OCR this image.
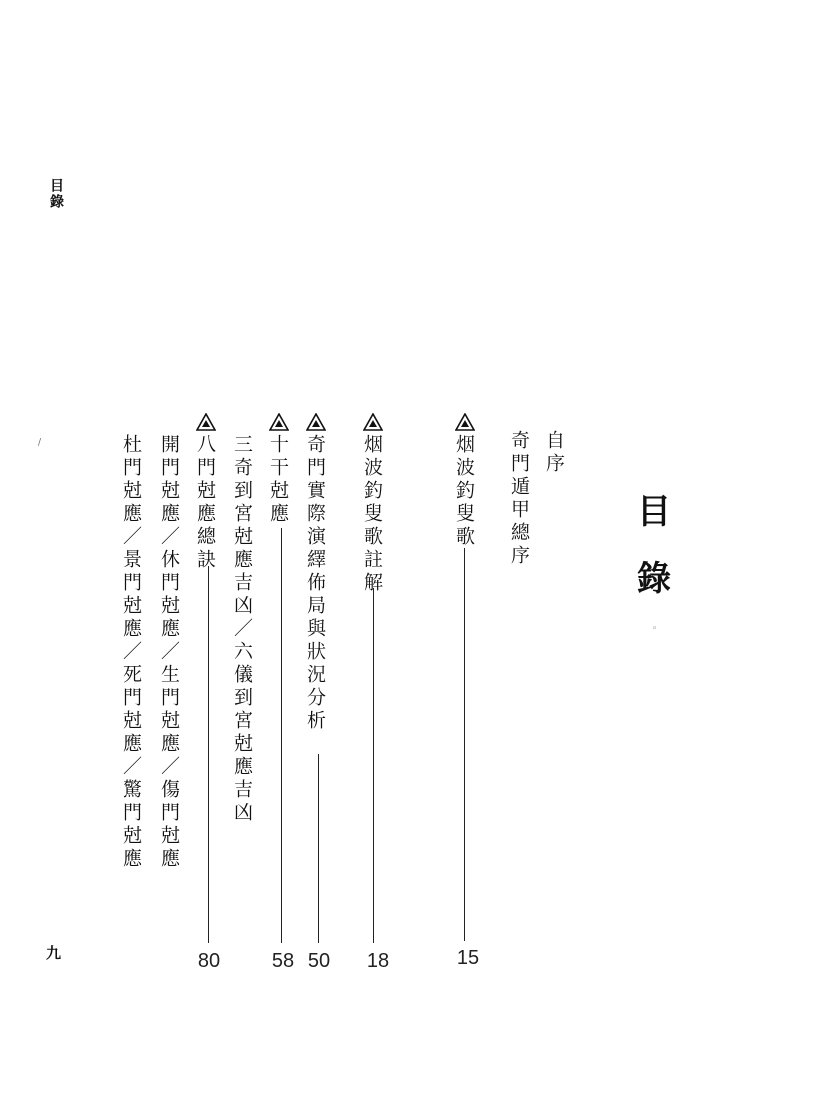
目錄
/
九
目
錄
◦
自序
奇門遁甲總序
烟波釣叟歌
15
烟波釣叟歌註解
18
奇門實際演繹佈局與狀況分析
50
十干尅應
58
三奇到宮尅應吉凶／六儀到宮尅應吉凶
八門尅應總訣
80
開門尅應／休門尅應／生門尅應／傷門尅應
杜門尅應／景門尅應／死門尅應／驚門尅應
